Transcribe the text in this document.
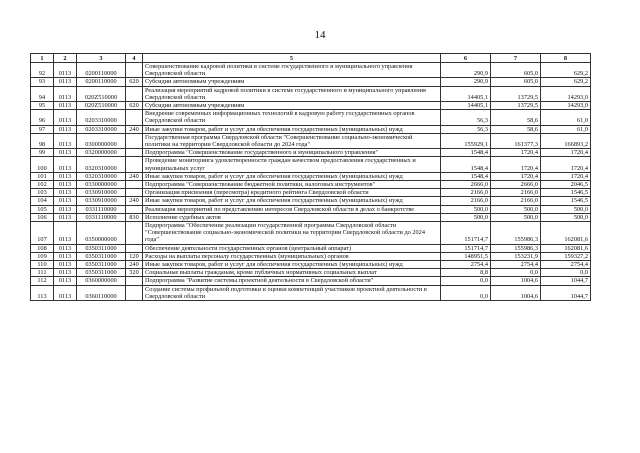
14
1	2	3	4	5	6	7	8
92	0113	0200110000		Совершенствование кадровой политики в системе государственного и муниципального управления Свердловской области	290,9	605,0	629,2
93	0113	0200110000	620	Субсидии автономным учреждениям	290,9	605,0	629,2
94	0113	020Z510000		Реализация мероприятий кадровой политики в системе государственного и муниципального управления Свердловской области	14405,1	13729,5	14293,0
95	0113	020Z510000	620	Субсидии автономным учреждениям	14405,1	13729,5	14293,0
96	0113	0203310000		Внедрение современных информационных технологий в кадровую работу государственных органов Свердловской области	56,3	58,6	61,0
97	0113	0203310000	240	Иные закупки товаров, работ и услуг для обеспечения государственных (муниципальных) нужд	56,3	58,6	61,0
98	0113	0300000000		Государственная программа Свердловской области "Совершенствование социально-экономической политики на территории Свердловской области до 2024 года"	155929,1	161377,3	166893,2
99	0113	0320000000		Подпрограмма "Совершенствование государственного и муниципального управления"	1548,4	1720,4	1720,4
100	0113	0320310000		Проведение мониторинга удовлетворенности граждан качеством предоставления государственных и муниципальных услуг	1548,4	1720,4	1720,4
101	0113	0320310000	240	Иные закупки товаров, работ и услуг для обеспечения государственных (муниципальных) нужд	1548,4	1720,4	1720,4
102	0113	0330000000		Подпрограмма "Совершенствование бюджетной политики, налоговых инструментов"	2666,0	2666,0	2046,5
103	0113	0330910000		Организация присвоения (пересмотра) кредитного рейтинга Свердловской области	2166,0	2166,0	1546,5
104	0113	0330910000	240	Иные закупки товаров, работ и услуг для обеспечения государственных (муниципальных) нужд	2166,0	2166,0	1546,5
105	0113	0331110000		Реализация мероприятий по представлению интересов Свердловской области в делах о банкротстве	500,0	500,0	500,0
106	0113	0331110000	830	Исполнение судебных актов	500,0	500,0	500,0
107	0113	0350000000		Подпрограмма "Обеспечение реализации государственной программы Свердловской области "Совершенствование социально-экономической политики на территории Свердловской области до 2024 года"	151714,7	155986,3	162081,6
108	0113	0350311000		Обеспечение деятельности государственных органов (центральный аппарат)	151714,7	155986,3	162081,6
109	0113	0350311000	120	Расходы на выплаты персоналу государственных (муниципальных) органов	148951,5	153231,9	159327,2
110	0113	0350311000	240	Иные закупки товаров, работ и услуг для обеспечения государственных (муниципальных) нужд	2754,4	2754,4	2754,4
111	0113	0350311000	320	Социальные выплаты гражданам, кроме публичных нормативных социальных выплат	8,8	0,0	0,0
112	0113	0360000000		Подпрограмма "Развитие системы проектной деятельности в Свердловской области"	0,0	1004,6	1044,7
113	0113	0360110000		Создание системы профильной подготовки и оценки компетенций участников проектной деятельности в Свердловской области	0,0	1004,6	1044,7
